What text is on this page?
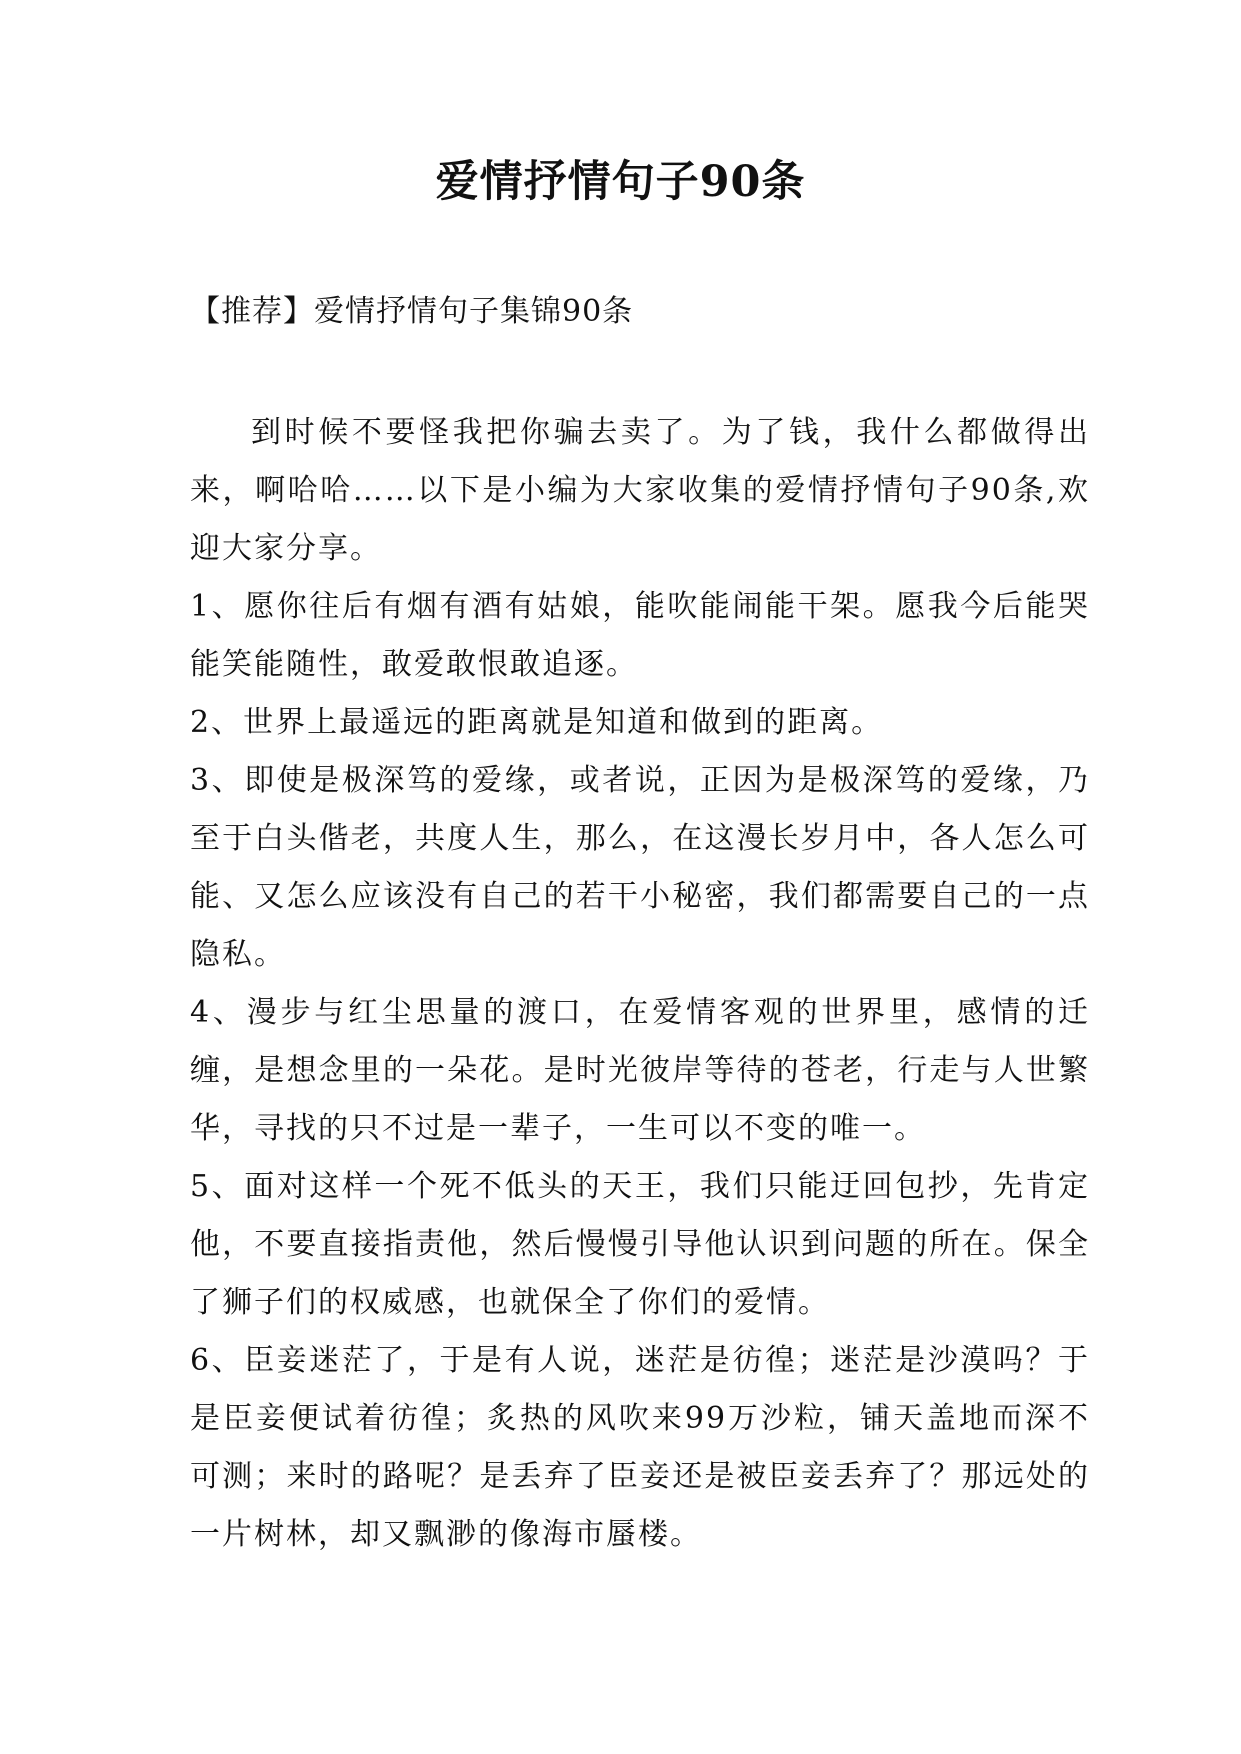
爱情抒情句子90条
【推荐】爱情抒情句子集锦90条

到时候不要怪我把你骗去卖了。为了钱，我什么都做得出来，啊哈哈……以下是小编为大家收集的爱情抒情句子90条,欢迎大家分享。

1、愿你往后有烟有酒有姑娘，能吹能闹能干架。愿我今后能哭能笑能随性，敢爱敢恨敢追逐。

2、世界上最遥远的距离就是知道和做到的距离。

3、即使是极深笃的爱缘，或者说，正因为是极深笃的爱缘，乃至于白头偕老，共度人生，那么，在这漫长岁月中，各人怎么可能、又怎么应该没有自己的若干小秘密，我们都需要自己的一点隐私。

4、漫步与红尘思量的渡口，在爱情客观的世界里，感情的迁缠，是想念里的一朵花。是时光彼岸等待的苍老，行走与人世繁华，寻找的只不过是一辈子，一生可以不变的唯一。

5、面对这样一个死不低头的天王，我们只能迂回包抄，先肯定他，不要直接指责他，然后慢慢引导他认识到问题的所在。保全了狮子们的权威感，也就保全了你们的爱情。

6、臣妾迷茫了，于是有人说，迷茫是彷徨；迷茫是沙漠吗？于是臣妾便试着彷徨；炙热的风吹来99万沙粒，铺天盖地而深不可测；来时的路呢？是丢弃了臣妾还是被臣妾丢弃了？那远处的一片树林，却又飘渺的像海市蜃楼。
